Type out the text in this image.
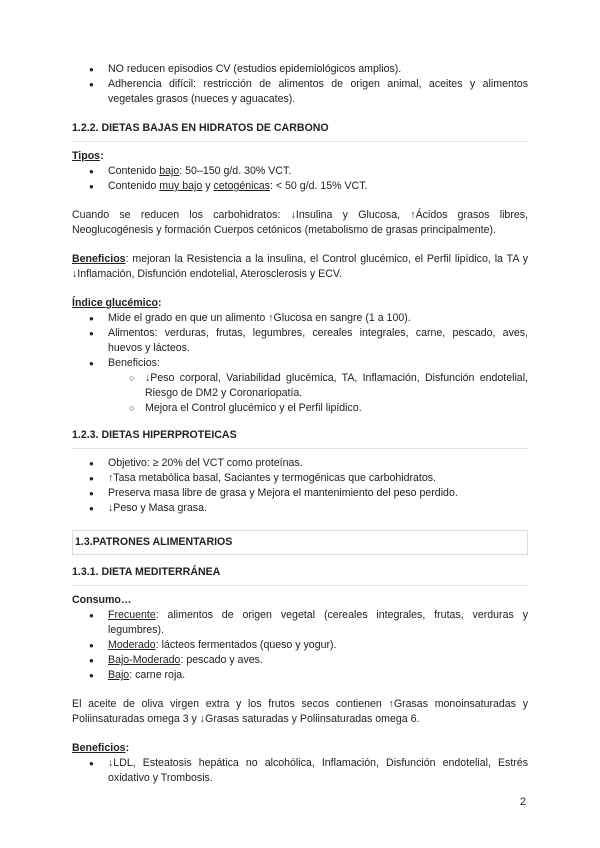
● NO reducen episodios CV (estudios epidemiológicos amplios).
● Adherencia difícil: restricción de alimentos de origen animal, aceites y alimentos vegetales grasos (nueces y aguacates).
1.2.2. DIETAS BAJAS EN HIDRATOS DE CARBONO

Tipos:

● Contenido bajo: 50–150 g/d. 30% VCT.
● Contenido muy bajo y cetogénicas: < 50 g/d. 15% VCT.

Cuando se reducen los carbohidratos: ↓Insulina y Glucosa, ↑Ácidos grasos libres, Neoglucogénesis y formación Cuerpos cetónicos (metabolismo de grasas principalmente).

Beneficios: mejoran la Resistencia a la insulina, el Control glucémico, el Perfil lipídico, la TA y ↓Inflamación, Disfunción endotelial, Aterosclerosis y ECV.

Índice glucémico:

● Mide el grado en que un alimento ↑Glucosa en sangre (1 a 100).
● Alimentos: verduras, frutas, legumbres, cereales integrales, carne, pescado, aves, huevos y lácteos.
● Beneficios:
○ ↓Peso corporal, Variabilidad glucémica, TA, Inflamación, Disfunción endotelial, Riesgo de DM2 y Coronariopatía.
○ Mejora el Control glucémico y el Perfil lipídico.
1.2.3. DIETAS HIPERPROTEICAS
● Objetivo: ≥ 20% del VCT como proteínas.
● ↑Tasa metabólica basal, Saciantes y termogénicas que carbohidratos.
● Preserva masa libre de grasa y Mejora el mantenimiento del peso perdido.
● ↓Peso y Masa grasa.
1.3.PATRONES ALIMENTARIOS
1.3.1. DIETA MEDITERRÁNEA

Consumo…

● Frecuente: alimentos de origen vegetal (cereales integrales, frutas, verduras y legumbres).
● Moderado: lácteos fermentados (queso y yogur).
● Bajo-Moderado: pescado y aves.
● Bajo: carne roja.

El aceite de oliva virgen extra y los frutos secos contienen ↑Grasas monoinsaturadas y Poliinsaturadas omega 3 y ↓Grasas saturadas y Poliinsaturadas omega 6.

Beneficios:

● ↓LDL, Esteatosis hepática no alcohólica, Inflamación, Disfunción endotelial, Estrés oxidativo y Trombosis.
2
